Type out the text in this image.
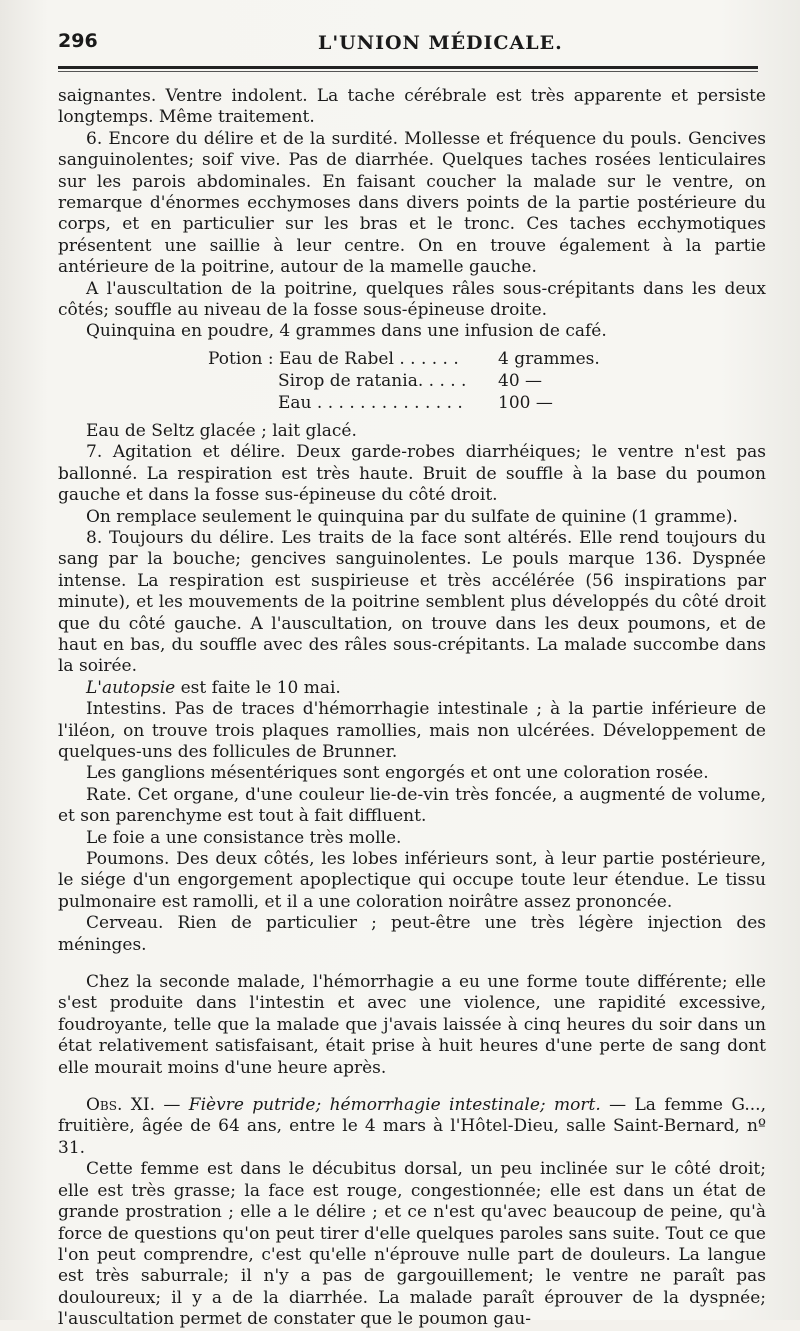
296	L'UNION MÉDICALE.

saignantes. Ventre indolent. La tache cérébrale est très apparente et persiste longtemps. Même traitement.

6. Encore du délire et de la surdité. Mollesse et fréquence du pouls. Gencives sanguinolentes; soif vive. Pas de diarrhée. Quelques taches rosées lenticulaires sur les parois abdominales. En faisant coucher la malade sur le ventre, on remarque d'énormes ecchymoses dans divers points de la partie postérieure du corps, et en particulier sur les bras et le tronc. Ces taches ecchymotiques présentent une saillie à leur centre. On en trouve également à la partie antérieure de la poitrine, autour de la mamelle gauche.

A l'auscultation de la poitrine, quelques râles sous-crépitants dans les deux côtés; souffle au niveau de la fosse sous-épineuse droite.

Quinquina en poudre, 4 grammes dans une infusion de café.

Potion : Eau de Rabel . . . . . .	4 grammes.
Sirop de ratania. . . . .	40 —
Eau . . . . . . . . . . . . . .	100 —

Eau de Seltz glacée ; lait glacé.

7. Agitation et délire. Deux garde-robes diarrhéiques; le ventre n'est pas ballonné. La respiration est très haute. Bruit de souffle à la base du poumon gauche et dans la fosse sus-épineuse du côté droit.

On remplace seulement le quinquina par du sulfate de quinine (1 gramme).

8. Toujours du délire. Les traits de la face sont altérés. Elle rend toujours du sang par la bouche; gencives sanguinolentes. Le pouls marque 136. Dyspnée intense. La respiration est suspirieuse et très accélérée (56 inspirations par minute), et les mouvements de la poitrine semblent plus développés du côté droit que du côté gauche. A l'auscultation, on trouve dans les deux poumons, et de haut en bas, du souffle avec des râles sous-crépitants. La malade succombe dans la soirée.

L'autopsie est faite le 10 mai.

Intestins. Pas de traces d'hémorrhagie intestinale ; à la partie inférieure de l'iléon, on trouve trois plaques ramollies, mais non ulcérées. Développement de quelques-uns des follicules de Brunner.

Les ganglions mésentériques sont engorgés et ont une coloration rosée.

Rate. Cet organe, d'une couleur lie-de-vin très foncée, a augmenté de volume, et son parenchyme est tout à fait diffluent.

Le foie a une consistance très molle.

Poumons. Des deux côtés, les lobes inférieurs sont, à leur partie postérieure, le siége d'un engorgement apoplectique qui occupe toute leur étendue. Le tissu pulmonaire est ramolli, et il a une coloration noirâtre assez prononcée.

Cerveau. Rien de particulier ; peut-être une très légère injection des méninges.

Chez la seconde malade, l'hémorrhagie a eu une forme toute différente; elle s'est produite dans l'intestin et avec une violence, une rapidité excessive, foudroyante, telle que la malade que j'avais laissée à cinq heures du soir dans un état relativement satisfaisant, était prise à huit heures d'une perte de sang dont elle mourait moins d'une heure après.

Obs. XI. — Fièvre putride; hémorrhagie intestinale; mort. — La femme G..., fruitière, âgée de 64 ans, entre le 4 mars à l'Hôtel-Dieu, salle Saint-Bernard, nº 31.

Cette femme est dans le décubitus dorsal, un peu inclinée sur le côté droit; elle est très grasse; la face est rouge, congestionnée; elle est dans un état de grande prostration ; elle a le délire ; et ce n'est qu'avec beaucoup de peine, qu'à force de questions qu'on peut tirer d'elle quelques paroles sans suite. Tout ce que l'on peut comprendre, c'est qu'elle n'éprouve nulle part de douleurs. La langue est très saburrale; il n'y a pas de gargouillement; le ventre ne paraît pas douloureux; il y a de la diarrhée. La malade paraît éprouver de la dyspnée; l'auscultation permet de constater que le poumon gau-
